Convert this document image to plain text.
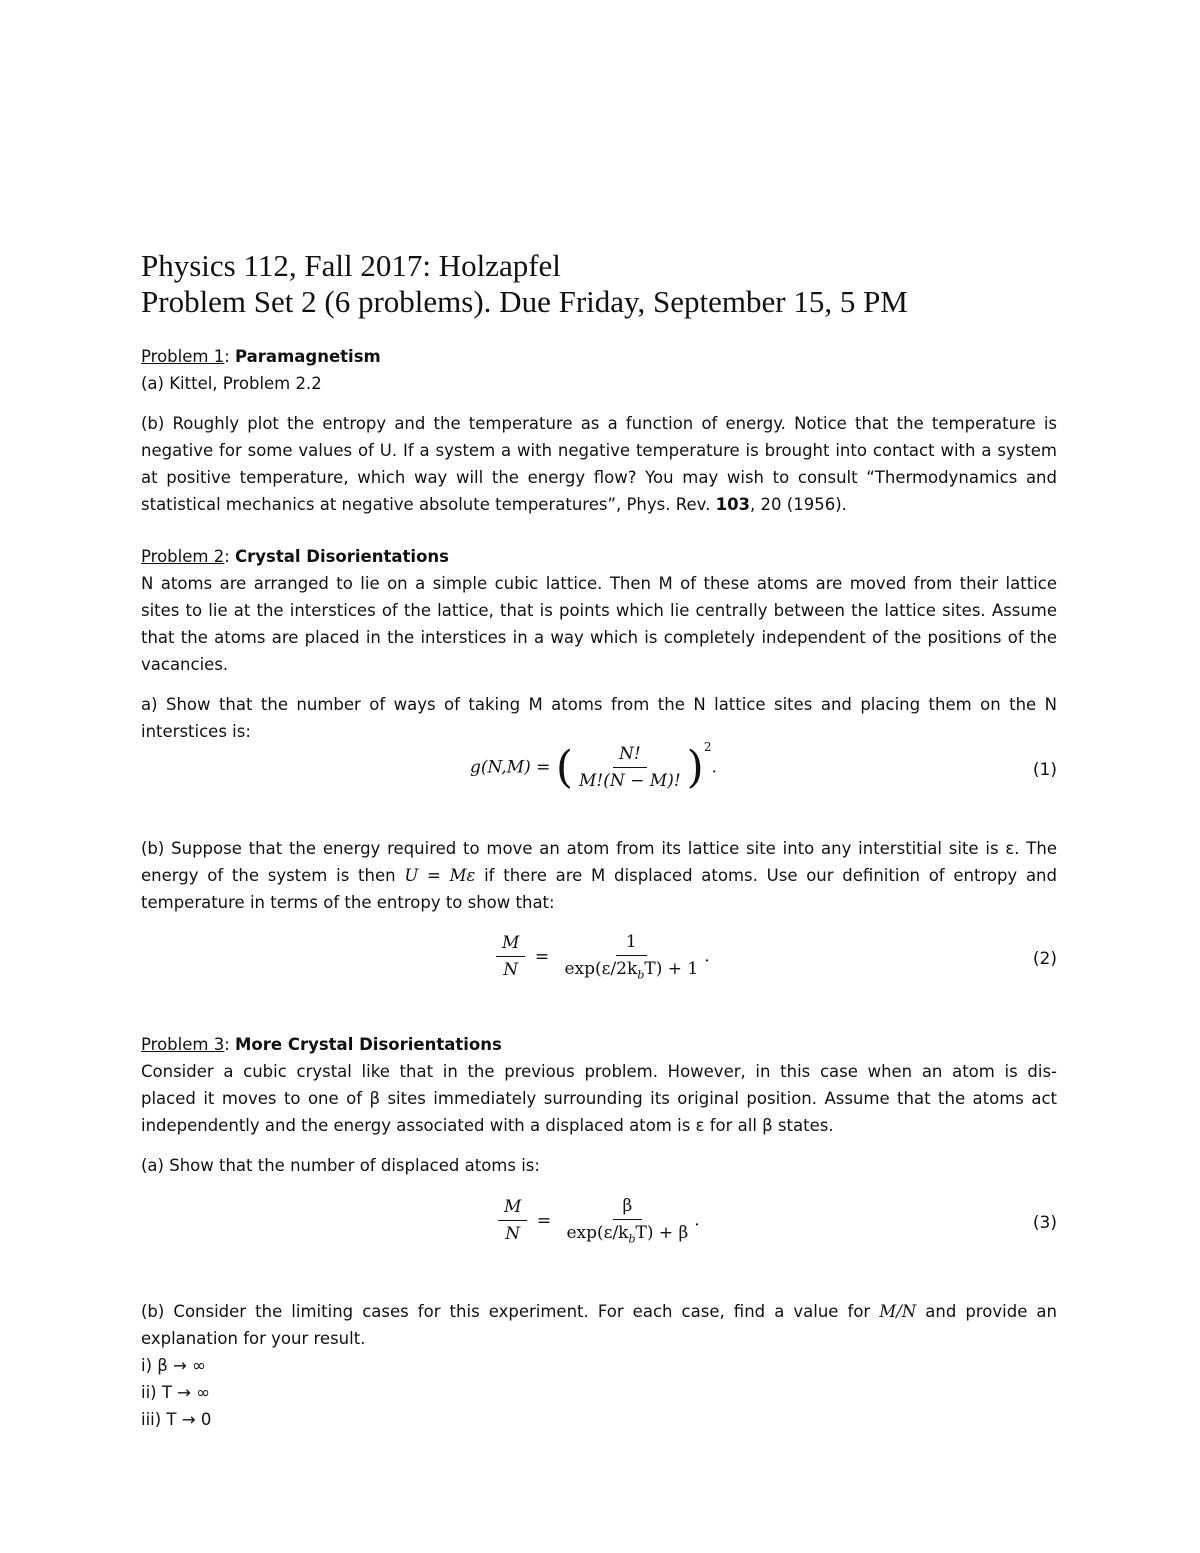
Physics 112, Fall 2017: Holzapfel
Problem Set 2 (6 problems). Due Friday, September 15, 5 PM
Problem 1: Paramagnetism
(a) Kittel, Problem 2.2
(b) Roughly plot the entropy and the temperature as a function of energy. Notice that the temperature is
negative for some values of U. If a system a with negative temperature is brought into contact with a system
at positive temperature, which way will the energy flow? You may wish to consult “Thermodynamics and
statistical mechanics at negative absolute temperatures”, Phys. Rev. 103, 20 (1956).
Problem 2: Crystal Disorientations
N atoms are arranged to lie on a simple cubic lattice. Then M of these atoms are moved from their lattice
sites to lie at the interstices of the lattice, that is points which lie centrally between the lattice sites. Assume
that the atoms are placed in the interstices in a way which is completely independent of the positions of the
vacancies.
a) Show that the number of ways of taking M atoms from the N lattice sites and placing them on the N
interstices is:
g(N,M) = ( $\frac{N!}{M!(N - M)!} )^2$.	(1)
(b) Suppose that the energy required to move an atom from its lattice site into any interstitial site is ε. The
energy of the system is then U = Mε if there are M displaced atoms. Use our definition of entropy and
temperature in terms of the entropy to show that:
$\frac{M}{N} = \frac{1}{\exp(\varepsilon/2k_bT) + 1}$ .	(2)
Problem 3: More Crystal Disorientations
Consider a cubic crystal like that in the previous problem. However, in this case when an atom is dis-
placed it moves to one of β sites immediately surrounding its original position. Assume that the atoms act
independently and the energy associated with a displaced atom is ε for all β states.
(a) Show that the number of displaced atoms is:
$\frac{M}{N} = \frac{\beta}{\exp(\varepsilon/k_bT) + \beta}$ .	(3)
(b) Consider the limiting cases for this experiment. For each case, find a value for M/N and provide an
explanation for your result.
i) β → ∞
ii) T → ∞
iii) T → 0
